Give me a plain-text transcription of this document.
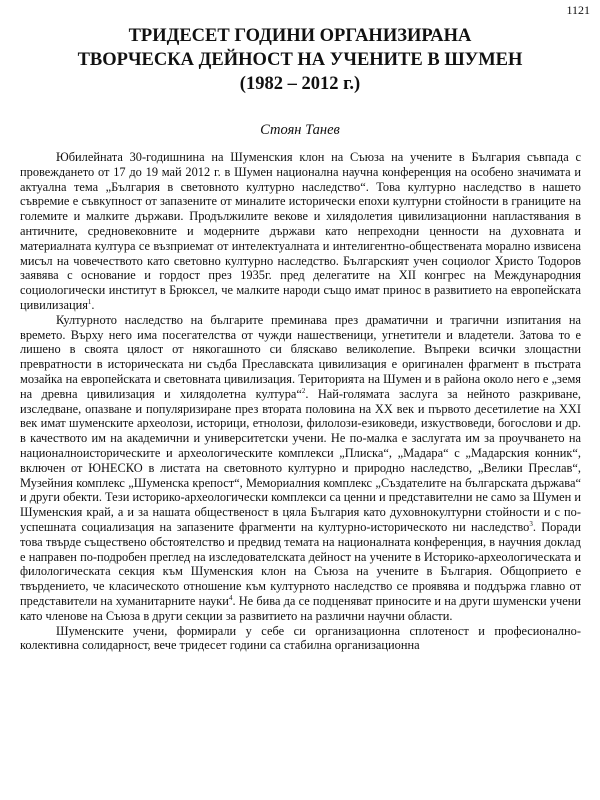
1121
ТРИДЕСЕТ ГОДИНИ ОРГАНИЗИРАНА
ТВОРЧЕСКА ДЕЙНОСТ НА УЧЕНИТЕ В ШУМЕН
(1982 – 2012 г.)
Стоян Танев

Юбилейната 30-годишнина на Шуменския клон на Съюза на учените в България съвпада с провеждането от 17 до 19 май 2012 г. в Шумен национална научна конференция на особено значимата и актуална тема „България в световното културно наследство“. Това културно наследство в нашето съвремие е съвкупност от запазените от миналите исторически епохи културни стойности в границите на големите и малките държави. Продължилите векове и хилядолетия цивилизационни напластявания в античните, средновековните и модерните държави като непреходни ценности на духовната и материалната култура се възприемат от интелектуалната и интелигентно-обществената морално извисена мисъл на човечеството като световно културно наследство. Българският учен социолог Христо Тодоров заявява с основание и гордост през 1935г. пред делегатите на XII конгрес на Международния социологически институт в Брюксел, че малките народи също имат принос в развитието на европейската цивилизация$^1$.

Културното наследство на българите преминава през драматични и трагични изпитания на времето. Върху него има посегателства от чужди нашественици, угнетители и владетели. Затова то е лишено в своята цялост от някогашното си бляскаво великолепие. Въпреки всички злощастни превратности в историческата ни съдба Преславската цивилизация е оригинален фрагмент в пъстрата мозайка на европейската и световната цивилизация. Територията на Шумен и в района около него е „земя на древна цивилизация и хилядолетна култура“$^2$. Най-голямата заслуга за нейното разкриване, изследване, опазване и популяризиране през втората половина на XX век и първото десетилетие на XXI век имат шуменските археолози, историци, етнолози, филолози-езиковеди, изкуствоведи, богослови и др. в качеството им на академични и университетски учени. Не по-малка е заслугата им за проучването на националноисторическите и археологическите комплекси „Плиска“, „Мадара“ с „Мадарския конник“, включен от ЮНЕСКО в листата на световното културно и природно наследство, „Велики Преслав“, Музейния комплекс „Шуменска крепост“, Мемориалния комплекс „Създателите на българската държава“ и други обекти. Тези историко-археологически комплекси са ценни и представителни не само за Шумен и Шуменския край, а и за нашата общественост в цяла България като духовнокултурни стойности и с по-успешната социализация на запазените фрагменти на културно-историческото ни наследство$^3$. Поради това твърде съществено обстоятелство и предвид темата на националната конференция, в научния доклад е направен по-подробен преглед на изследователската дейност на учените в Историко-археологическата и филологическата секция към Шуменския клон на Съюза на учените в България. Общоприето е твърдението, че класическото отношение към културното наследство се проявява и поддържа главно от представители на хуманитарните науки$^4$. Не бива да се подценяват приносите и на други шуменски учени като членове на Съюза в други секции за развитието на различни научни области.

Шуменските учени, формирали у себе си организационна сплотеност и професионално-колективна солидарност, вече тридесет години са стабилна организационна
